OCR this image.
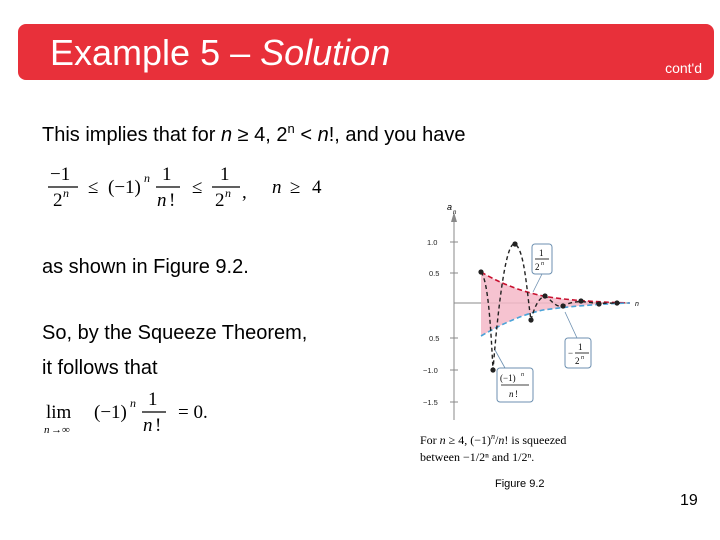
Example 5 – Solution	cont'd
This implies that for n ≥ 4, $2^n < n$!, and you have
−1
2 n ≤ (−1) n 1
n !
≤
1
2 n , n ≥ 4
as shown in Figure 9.2.
So, by the Squeeze Theorem,
it follows that
lim
n →∞
(−1) n 1
n !
= 0.
a
n
n
1.0
0.5
0.5
−1.0
−1.5
1
2 n
−
1
2 n
(−1) n
n !
For n ≥ 4, $(-1)^n/n$! is squeezed
between −1/2ⁿ and 1/2ⁿ.
Figure 9.2
19
